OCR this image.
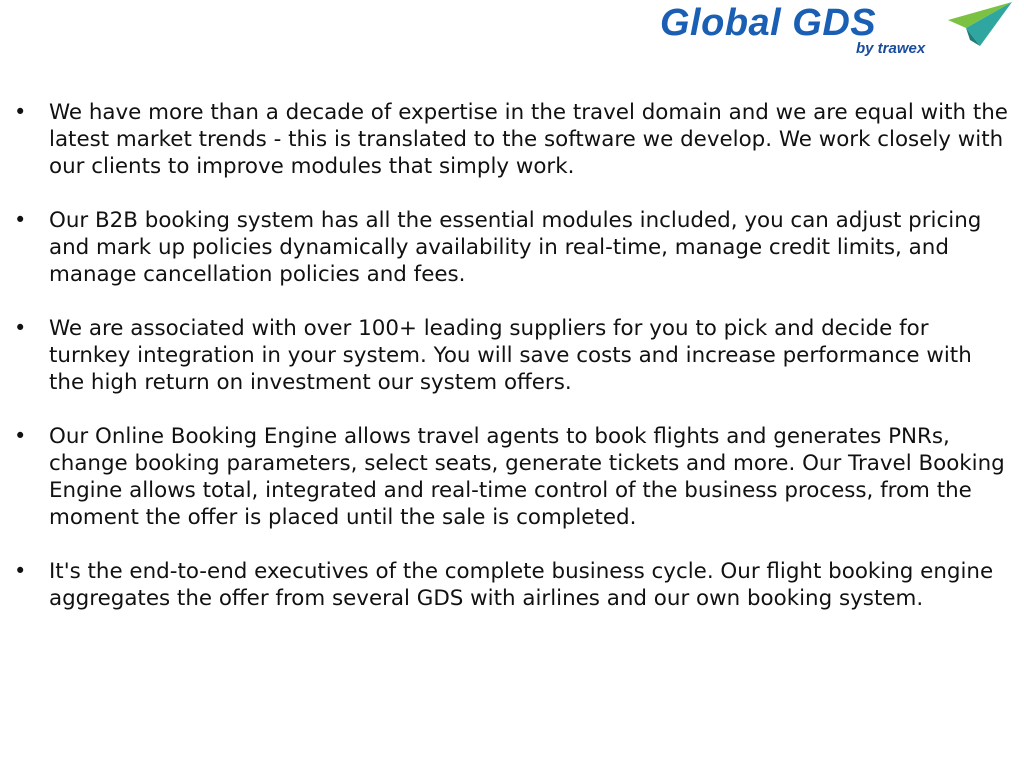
Global GDS
by trawex
• We have more than a decade of expertise in the travel domain and we are equal with the latest market trends - this is translated to the software we develop. We work closely with our clients to improve modules that simply work.
• Our B2B booking system has all the essential modules included, you can adjust pricing and mark up policies dynamically availability in real-time, manage credit limits, and manage cancellation policies and fees.
• We are associated with over 100+ leading suppliers for you to pick and decide for turnkey integration in your system. You will save costs and increase performance with the high return on investment our system offers.
• Our Online Booking Engine allows travel agents to book flights and generates PNRs, change booking parameters, select seats, generate tickets and more. Our Travel Booking Engine allows total, integrated and real-time control of the business process, from the moment the offer is placed until the sale is completed.
• It's the end-to-end executives of the complete business cycle. Our flight booking engine aggregates the offer from several GDS with airlines and our own booking system.
